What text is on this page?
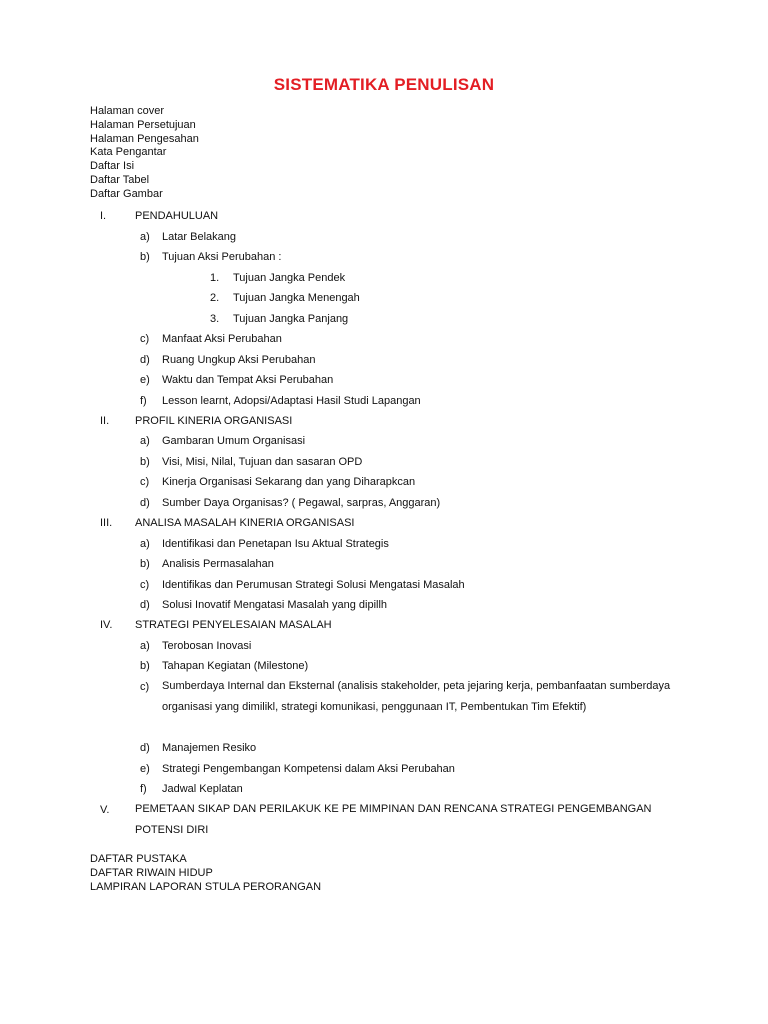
SISTEMATIKA PENULISAN
Halaman cover
Halaman Persetujuan
Halaman Pengesahan
Kata Pengantar
Daftar Isi
Daftar Tabel
Daftar Gambar
I.	PENDAHULUAN
a) Latar Belakang
b) Tujuan Aksi Perubahan :
1. Tujuan Jangka Pendek
2. Tujuan Jangka Menengah
3. Tujuan Jangka Panjang
c) Manfaat Aksi Perubahan
d) Ruang Ungkup Aksi Perubahan
e) Waktu dan Tempat Aksi Perubahan
f) Lesson learnt, Adopsi/Adaptasi Hasil Studi Lapangan
II. PROFIL KINERIA ORGANISASI
a) Gambaran Umum Organisasi
b) Visi, Misi, Nilal, Tujuan dan sasaran OPD
c) Kinerja Organisasi Sekarang dan yang Diharapkcan
d) Sumber Daya Organisas? ( Pegawal, sarpras, Anggaran)
III. ANALISA MASALAH KINERIA ORGANISASI
a) Identifikasi dan Penetapan Isu Aktual Strategis
b) Analisis Permasalahan
c) Identifikas dan Perumusan Strategi Solusi Mengatasi Masalah
d) Solusi Inovatif Mengatasi Masalah yang dipillh
IV. STRATEGI PENYELESAIAN MASALAH
a) Terobosan Inovasi
b) Tahapan Kegiatan (Milestone)
c) Sumberdaya Internal dan Eksternal (analisis stakeholder, peta jejaring kerja, pembanfaatan sumberdaya organisasi yang dimilikl, strategi komunikasi, penggunaan IT, Pembentukan Tim Efektif)
d) Manajemen Resiko
e) Strategi Pengembangan Kompetensi dalam Aksi Perubahan
f) Jadwal Keplatan
V. PEMETAAN SIKAP DAN PERILAKUK KE PE MIMPINAN DAN RENCANA STRATEGI PENGEMBANGAN POTENSI DIRI
DAFTAR PUSTAKA
DAFTAR RIWAIN HIDUP
LAMPIRAN LAPORAN STULA PERORANGAN
